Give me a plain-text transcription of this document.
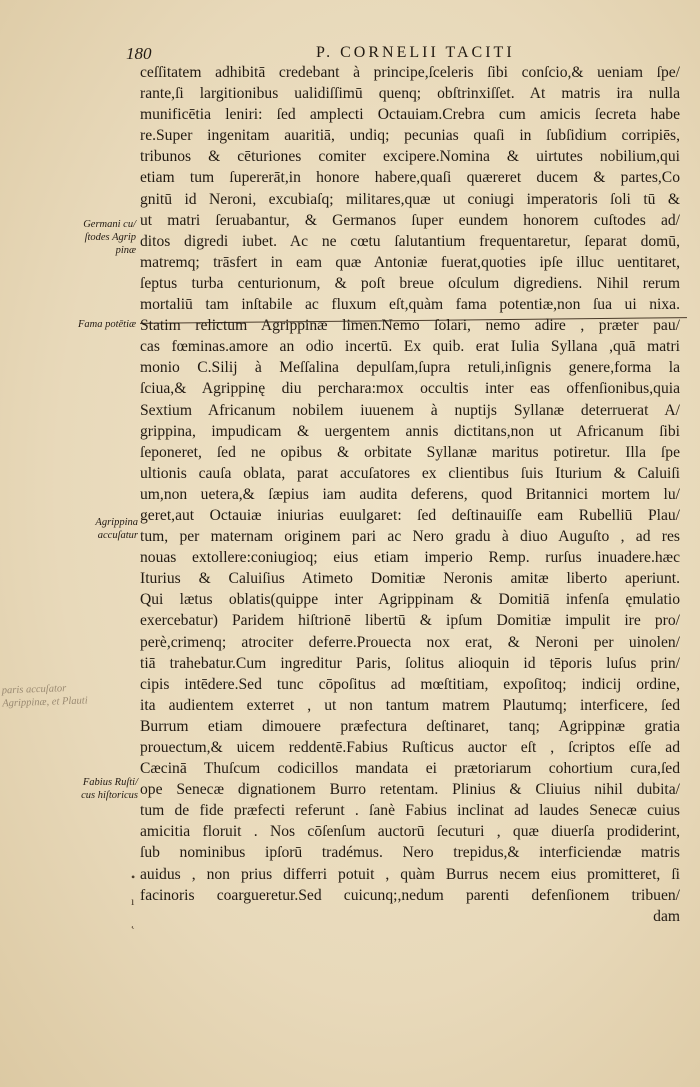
180	P. CORNELII TACITI
Germani cu/
ſtodes Agrip
pinæ
Fama potētiæ
Agrippina
accuſatur
Fabius Ruſti/
cus hiſtoricus
paris accuſator
Agrippinæ, et Plauti
•
ı
˛
ceſſitatem adhibitā credebant à principe,ſceleris ſibi conſcio,& ueniam ſpe/
rante,ſi largitionibus ualidiſſimū quenq; obſtrinxiſſet. At matris ira nulla
munificētia leniri: ſed amplecti Octauiam.Crebra cum amicis ſecreta habe
re.Super ingenitam auaritiā, undiq; pecunias quaſi in ſubſidium corripiēs,
tribunos & cēturiones comiter excipere.Nomina & uirtutes nobilium,qui
etiam tum ſupererāt,in honore habere,quaſi quæreret ducem & partes,Co
gnitū id Neroni, excubiaſq; militares,quæ ut coniugi imperatoris ſoli tū &
ut matri ſeruabantur, & Germanos ſuper eundem honorem cuſtodes ad/
ditos digredi iubet. Ac ne cœtu ſalutantium frequentaretur, ſeparat domū,
matremq; trāsfert in eam quæ Antoniæ fuerat,quoties ipſe illuc uentitaret,
ſeptus turba centurionum, & poſt breue oſculum digrediens. Nihil rerum
mortaliū tam inſtabile ac fluxum eſt,quàm fama potentiæ,non ſua ui nixa.
Statim relictum Agrippinæ limen.Nemo ſolari, nemo adire , præter pau/
cas fœminas.amore an odio incertū. Ex quib. erat Iulia Syllana ,quā matri
monio C.Silij à Meſſalina depulſam,ſupra retuli,inſignis genere,forma la
ſciua,& Agrippinę diu perchara:mox occultis inter eas offenſionibus,quia
Sextium Africanum nobilem iuuenem à nuptijs Syllanæ deterruerat A/
grippina, impudicam & uergentem annis dictitans,non ut Africanum ſibi
ſeponeret, ſed ne opibus & orbitate Syllanæ maritus potiretur. Illa ſpe
ultionis cauſa oblata, parat accuſatores ex clientibus ſuis Iturium & Caluiſi
um,non uetera,& ſæpius iam audita deferens, quod Britannici mortem lu/
geret,aut Octauiæ iniurias euulgaret: ſed deſtinauiſſe eam Rubelliū Plau/
tum, per maternam originem pari ac Nero gradu à diuo Auguſto , ad res
nouas extollere:coniugioq; eius etiam imperio Remp. rurſus inuadere.hæc
Iturius & Caluiſius Atimeto Domitiæ Neronis amitæ liberto aperiunt.
Qui lætus oblatis(quippe inter Agrippinam & Domitiā infenſa ęmulatio
exercebatur) Paridem hiſtrionē libertū & ipſum Domitiæ impulit ire pro/
perè,crimenq; atrociter deferre.Prouecta nox erat, & Neroni per uinolen/
tiā trahebatur.Cum ingreditur Paris, ſolitus alioquin id tēporis luſus prin/
cipis intēdere.Sed tunc cōpoſitus ad mœſtitiam, expoſitoq; indicij ordine,
ita audientem exterret , ut non tantum matrem Plautumq; interficere, ſed
Burrum etiam dimouere præfectura deſtinaret, tanq; Agrippinæ gratia
prouectum,& uicem reddentē.Fabius Ruſticus auctor eſt , ſcriptos eſſe ad
Cæcinā Thuſcum codicillos mandata ei prætoriarum cohortium cura,ſed
ope Senecæ dignationem Burro retentam. Plinius & Cliuius nihil dubita/
tum de fide præfecti referunt . ſanè Fabius inclinat ad laudes Senecæ cuius
amicitia floruit . Nos cōſenſum auctorū ſecuturi , quæ diuerſa prodiderint,
ſub nominibus ipſorū tradémus. Nero trepidus,& interficiendæ matris
auidus , non prius differri potuit , quàm Burrus necem eius promitteret, ſi
facinoris coargueretur.Sed cuicunq;,nedum parenti defenſionem tribuen/
dam
